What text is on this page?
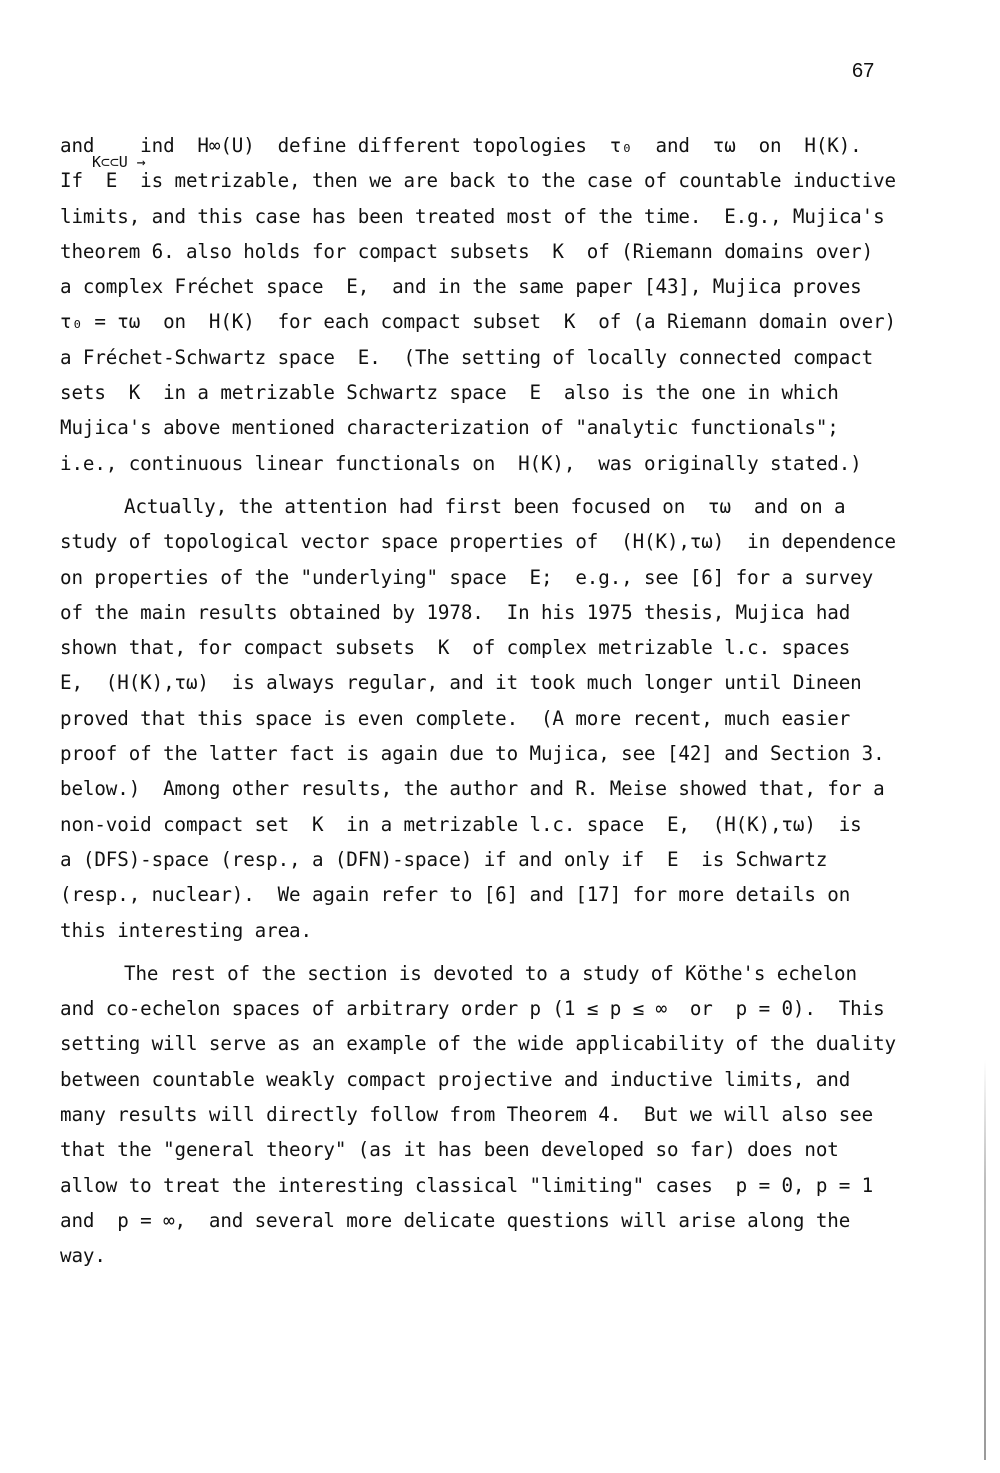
67
and    ind  H∞(U)  define different topologies  τ₀  and  τω  on  H(K).
K⊂⊂U →
If  E  is metrizable, then we are back to the case of countable inductive
limits, and this case has been treated most of the time.  E.g., Mujica's
theorem 6. also holds for compact subsets  K  of (Riemann domains over)
a complex Fréchet space  E,  and in the same paper [43], Mujica proves
τ₀ = τω  on  H(K)  for each compact subset  K  of (a Riemann domain over)
a Fréchet-Schwartz space  E.  (The setting of locally connected compact
sets  K  in a metrizable Schwartz space  E  also is the one in which
Mujica's above mentioned characterization of "analytic functionals";
i.e., continuous linear functionals on  H(K),  was originally stated.)
Actually, the attention had first been focused on  τω  and on a
study of topological vector space properties of  (H(K),τω)  in dependence
on properties of the "underlying" space  E;  e.g., see [6] for a survey
of the main results obtained by 1978.  In his 1975 thesis, Mujica had
shown that, for compact subsets  K  of complex metrizable l.c. spaces
E,  (H(K),τω)  is always regular, and it took much longer until Dineen
proved that this space is even complete.  (A more recent, much easier
proof of the latter fact is again due to Mujica, see [42] and Section 3.
below.)  Among other results, the author and R. Meise showed that, for a
non-void compact set  K  in a metrizable l.c. space  E,  (H(K),τω)  is
a (DFS)-space (resp., a (DFN)-space) if and only if  E  is Schwartz
(resp., nuclear).  We again refer to [6] and [17] for more details on
this interesting area.
The rest of the section is devoted to a study of Köthe's echelon
and co-echelon spaces of arbitrary order p (1 ≤ p ≤ ∞  or  p = 0).  This
setting will serve as an example of the wide applicability of the duality
between countable weakly compact projective and inductive limits, and
many results will directly follow from Theorem 4.  But we will also see
that the "general theory" (as it has been developed so far) does not
allow to treat the interesting classical "limiting" cases  p = 0, p = 1
and  p = ∞,  and several more delicate questions will arise along the
way.
